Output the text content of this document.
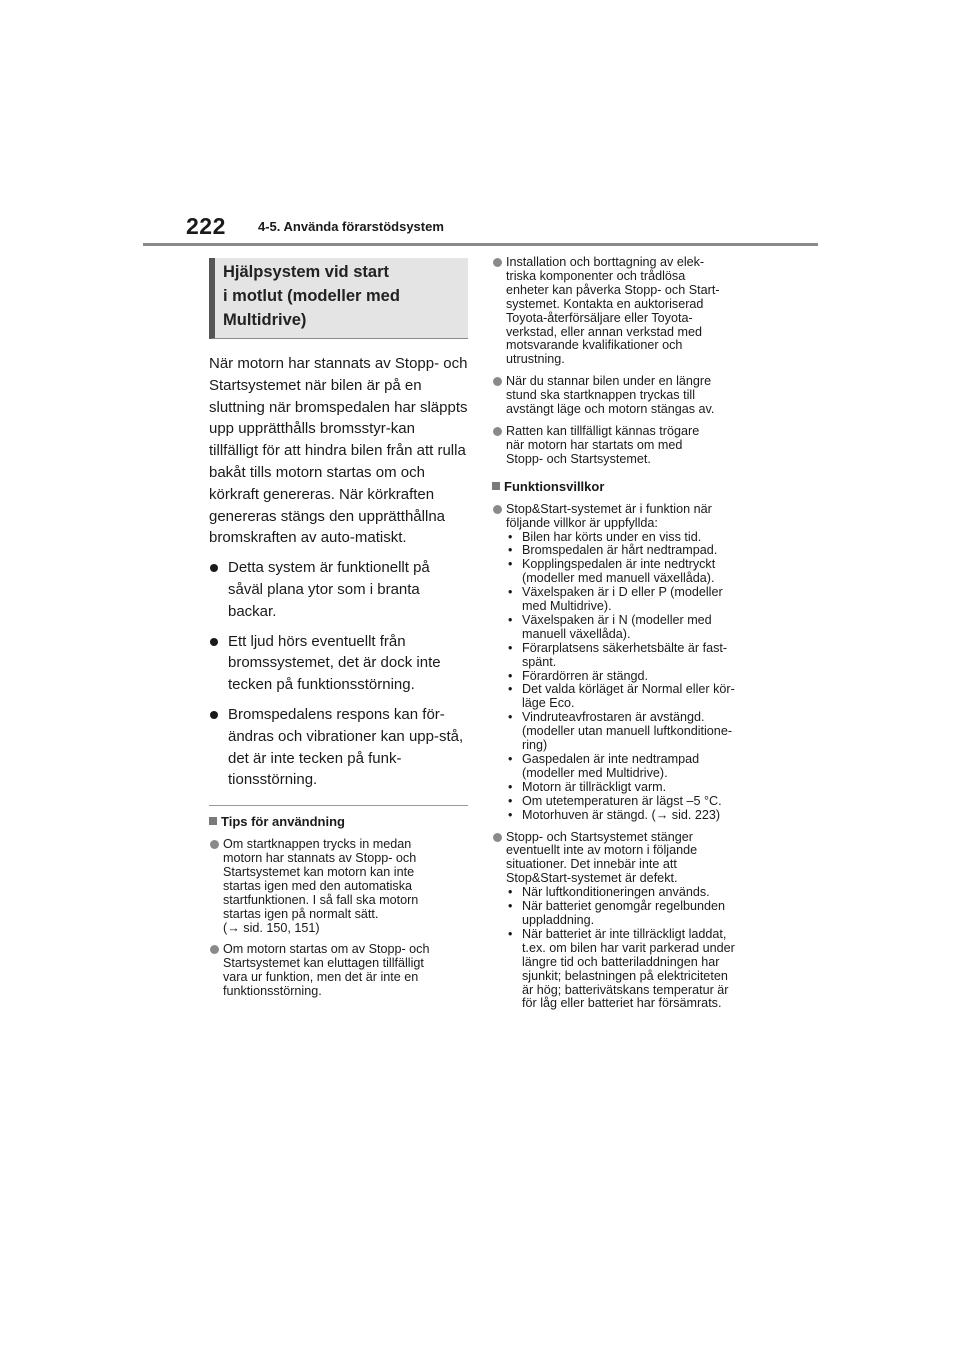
222 4-5. Använda förarstödsystem
Hjälpsystem vid start
i motlut (modeller med
Multidrive)
När motorn har stannats av Stopp- och Startsystemet när bilen är på en sluttning när bromspedalen har släppts upp upprätthålls bromsstyr-kan tillfälligt för att hindra bilen från att rulla bakåt tills motorn startas om och körkraft genereras. När körkraften genereras stängs den upprätthållna bromskraften av auto-matiskt.
Detta system är funktionellt på såväl plana ytor som i branta backar.
Ett ljud hörs eventuellt från bromssystemet, det är dock inte tecken på funktionsstörning.
Bromspedalens respons kan för-ändras och vibrationer kan upp-stå, det är inte tecken på funk-tionsstörning.
Tips för användning
Om startknappen trycks in medan
motorn har stannats av Stopp- och
Startsystemet kan motorn kan inte
startas igen med den automatiska
startfunktionen. I så fall ska motorn
startas igen på normalt sätt.
(→ sid. 150, 151)
Om motorn startas om av Stopp- och
Startsystemet kan eluttagen tillfälligt
vara ur funktion, men det är inte en
funktionsstörning.
Installation och borttagning av elek-
triska komponenter och trådlösa
enheter kan påverka Stopp- och Start-
systemet. Kontakta en auktoriserad
Toyota-återförsäljare eller Toyota-
verkstad, eller annan verkstad med
motsvarande kvalifikationer och
utrustning.
När du stannar bilen under en längre
stund ska startknappen tryckas till
avstängt läge och motorn stängas av.
Ratten kan tillfälligt kännas trögare
när motorn har startats om med
Stopp- och Startsystemet.
Funktionsvillkor
Stop&Start-systemet är i funktion när
följande villkor är uppfyllda:
• Bilen har körts under en viss tid.
• Bromspedalen är hårt nedtrampad.
• Kopplingspedalen är inte nedtryckt
(modeller med manuell växellåda).
• Växelspaken är i D eller P (modeller
med Multidrive).
• Växelspaken är i N (modeller med
manuell växellåda).
• Förarplatsens säkerhetsbälte är fast-
spänt.
• Förardörren är stängd.
• Det valda körläget är Normal eller kör-
läge Eco.
• Vindruteavfrostaren är avstängd.
(modeller utan manuell luftkonditione-
ring)
• Gaspedalen är inte nedtrampad
(modeller med Multidrive).
• Motorn är tillräckligt varm.
• Om utetemperaturen är lägst –5 °C.
• Motorhuven är stängd. (→ sid. 223)
Stopp- och Startsystemet stänger
eventuellt inte av motorn i följande
situationer. Det innebär inte att
Stop&Start-systemet är defekt.
• När luftkonditioneringen används.
• När batteriet genomgår regelbunden
uppladdning.
• När batteriet är inte tillräckligt laddat,
t.ex. om bilen har varit parkerad under
längre tid och batteriladdningen har
sjunkit; belastningen på elektriciteten
är hög; batterivätskans temperatur är
för låg eller batteriet har försämrats.
